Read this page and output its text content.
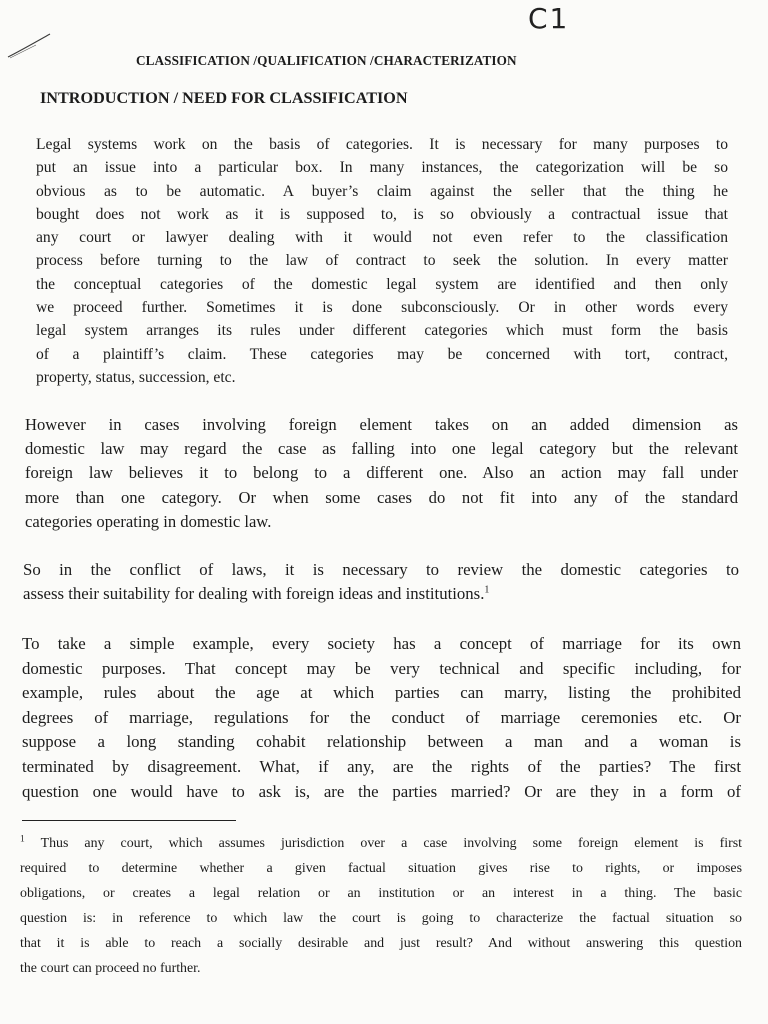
C1
CLASSIFICATION /QUALIFICATION /CHARACTERIZATION
INTRODUCTION / NEED FOR CLASSIFICATION

Legal systems work on the basis of categories. It is necessary for many purposes to
put an issue into a particular box. In many instances, the categorization will be so
obvious as to be automatic. A buyer’s claim against the seller that the thing he
bought does not work as it is supposed to, is so obviously a contractual issue that
any court or lawyer dealing with it would not even refer to the classification
process before turning to the law of contract to seek the solution. In every matter
the conceptual categories of the domestic legal system are identified and then only
we proceed further. Sometimes it is done subconsciously. Or in other words every
legal system arranges its rules under different categories which must form the basis
of a plaintiff’s claim. These categories may be concerned with tort, contract,
property, status, succession, etc.

However in cases involving foreign element takes on an added dimension as
domestic law may regard the case as falling into one legal category but the relevant
foreign law believes it to belong to a different one. Also an action may fall under
more than one category. Or when some cases do not fit into any of the standard
categories operating in domestic law.

So in the conflict of laws, it is necessary to review the domestic categories to
assess their suitability for dealing with foreign ideas and institutions.$^1$

To take a simple example, every society has a concept of marriage for its own
domestic purposes. That concept may be very technical and specific including, for
example, rules about the age at which parties can marry, listing the prohibited
degrees of marriage, regulations for the conduct of marriage ceremonies etc. Or
suppose a long standing cohabit relationship between a man and a woman is
terminated by disagreement. What, if any, are the rights of the parties? The first
question one would have to ask is, are the parties married? Or are they in a form of

$^1$ Thus any court, which assumes jurisdiction over a case involving some foreign element is first
required to determine whether a given factual situation gives rise to rights, or imposes
obligations, or creates a legal relation or an institution or an interest in a thing. The basic
question is: in reference to which law the court is going to characterize the factual situation so
that it is able to reach a socially desirable and just result? And without answering this question
the court can proceed no further.
